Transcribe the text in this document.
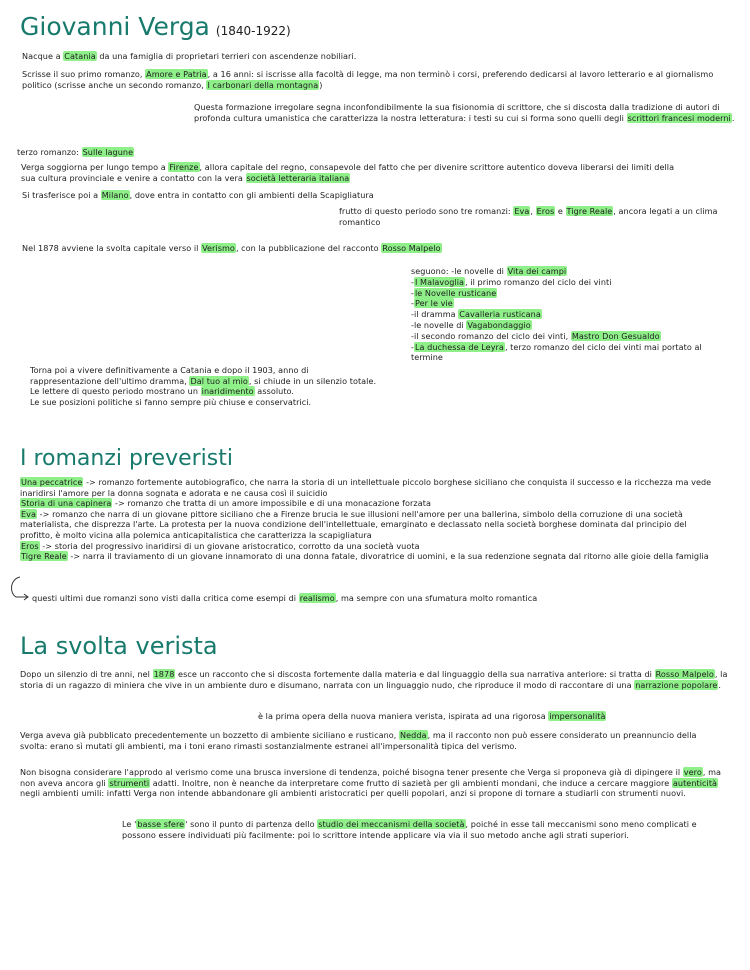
Giovanni Verga (1840-1922)

Nacque a Catania da una famiglia di proprietari terrieri con ascendenze nobiliari.

Scrisse il suo primo romanzo, Amore e Patria, a 16 anni: si iscrisse alla facoltà di legge, ma non terminò i corsi, preferendo dedicarsi al lavoro letterario e al giornalismo politico (scrisse anche un secondo romanzo, I carbonari della montagna)

Questa formazione irregolare segna inconfondibilmente la sua fisionomia di scrittore, che si discosta dalla tradizione di autori di profonda cultura umanistica che caratterizza la nostra letteratura: i testi su cui si forma sono quelli degli scrittori francesi moderni.

terzo romanzo: Sulle lagune

Verga soggiorna per lungo tempo a Firenze, allora capitale del regno, consapevole del fatto che per divenire scrittore autentico doveva liberarsi dei limiti della sua cultura provinciale e venire a contatto con la vera società letteraria italiana

Si trasferisce poi a Milano, dove entra in contatto con gli ambienti della Scapigliatura

frutto di questo periodo sono tre romanzi: Eva, Eros e Tigre Reale, ancora legati a un clima romantico

Nel 1878 avviene la svolta capitale verso il Verismo, con la pubblicazione del racconto Rosso Malpelo

seguono: -le novelle di Vita dei campi

-I Malavoglia, il primo romanzo del ciclo dei vinti

-le Novelle rusticane

-Per le vie

-il dramma Cavalleria rusticana

-le novelle di Vagabondaggio

-il secondo romanzo del ciclo dei vinti, Mastro Don Gesualdo

-La duchessa de Leyra, terzo romanzo del ciclo dei vinti mai portato al termine

Torna poi a vivere definitivamente a Catania e dopo il 1903, anno di rappresentazione dell'ultimo dramma, Dal tuo al mio, si chiude in un silenzio totale.

Le lettere di questo periodo mostrano un inaridimento assoluto.

Le sue posizioni politiche si fanno sempre più chiuse e conservatrici.

I romanzi preveristi

Una peccatrice -> romanzo fortemente autobiografico, che narra la storia di un intellettuale piccolo borghese siciliano che conquista il successo e la ricchezza ma vede inaridirsi l'amore per la donna sognata e adorata e ne causa così il suicidio

Storia di una capinera -> romanzo che tratta di un amore impossibile e di una monacazione forzata

Eva -> romanzo che narra di un giovane pittore siciliano che a Firenze brucia le sue illusioni nell'amore per una ballerina, simbolo della corruzione di una società materialista, che disprezza l'arte. La protesta per la nuova condizione dell'intellettuale, emarginato e declassato nella società borghese dominata dal principio del profitto, è molto vicina alla polemica anticapitalistica che caratterizza la scapigliatura

Eros -> storia del progressivo inaridirsi di un giovane aristocratico, corrotto da una società vuota

Tigre Reale -> narra il traviamento di un giovane innamorato di una donna fatale, divoratrice di uomini, e la sua redenzione segnata dal ritorno alle gioie della famiglia

questi ultimi due romanzi sono visti dalla critica come esempi di realismo, ma sempre con una sfumatura molto romantica

La svolta verista

Dopo un silenzio di tre anni, nel 1878 esce un racconto che si discosta fortemente dalla materia e dal linguaggio della sua narrativa anteriore: si tratta di Rosso Malpelo, la storia di un ragazzo di miniera che vive in un ambiente duro e disumano, narrata con un linguaggio nudo, che riproduce il modo di raccontare di una narrazione popolare.

è la prima opera della nuova maniera verista, ispirata ad una rigorosa impersonalità

Verga aveva già pubblicato precedentemente un bozzetto di ambiente siciliano e rusticano, Nedda, ma il racconto non può essere considerato un preannuncio della svolta: erano sì mutati gli ambienti, ma i toni erano rimasti sostanzialmente estranei all'impersonalità tipica del verismo.

Non bisogna considerare l'approdo al verismo come una brusca inversione di tendenza, poiché bisogna tener presente che Verga si proponeva già di dipingere il vero, ma non aveva ancora gli strumenti adatti. Inoltre, non è neanche da interpretare come frutto di sazietà per gli ambienti mondani, che induce a cercare maggiore autenticità negli ambienti umili: infatti Verga non intende abbandonare gli ambienti aristocratici per quelli popolari, anzi si propone di tornare a studiarli con strumenti nuovi.

Le 'basse sfere' sono il punto di partenza dello studio dei meccanismi della società, poiché in esse tali meccanismi sono meno complicati e possono essere individuati più facilmente: poi lo scrittore intende applicare via via il suo metodo anche agli strati superiori.
